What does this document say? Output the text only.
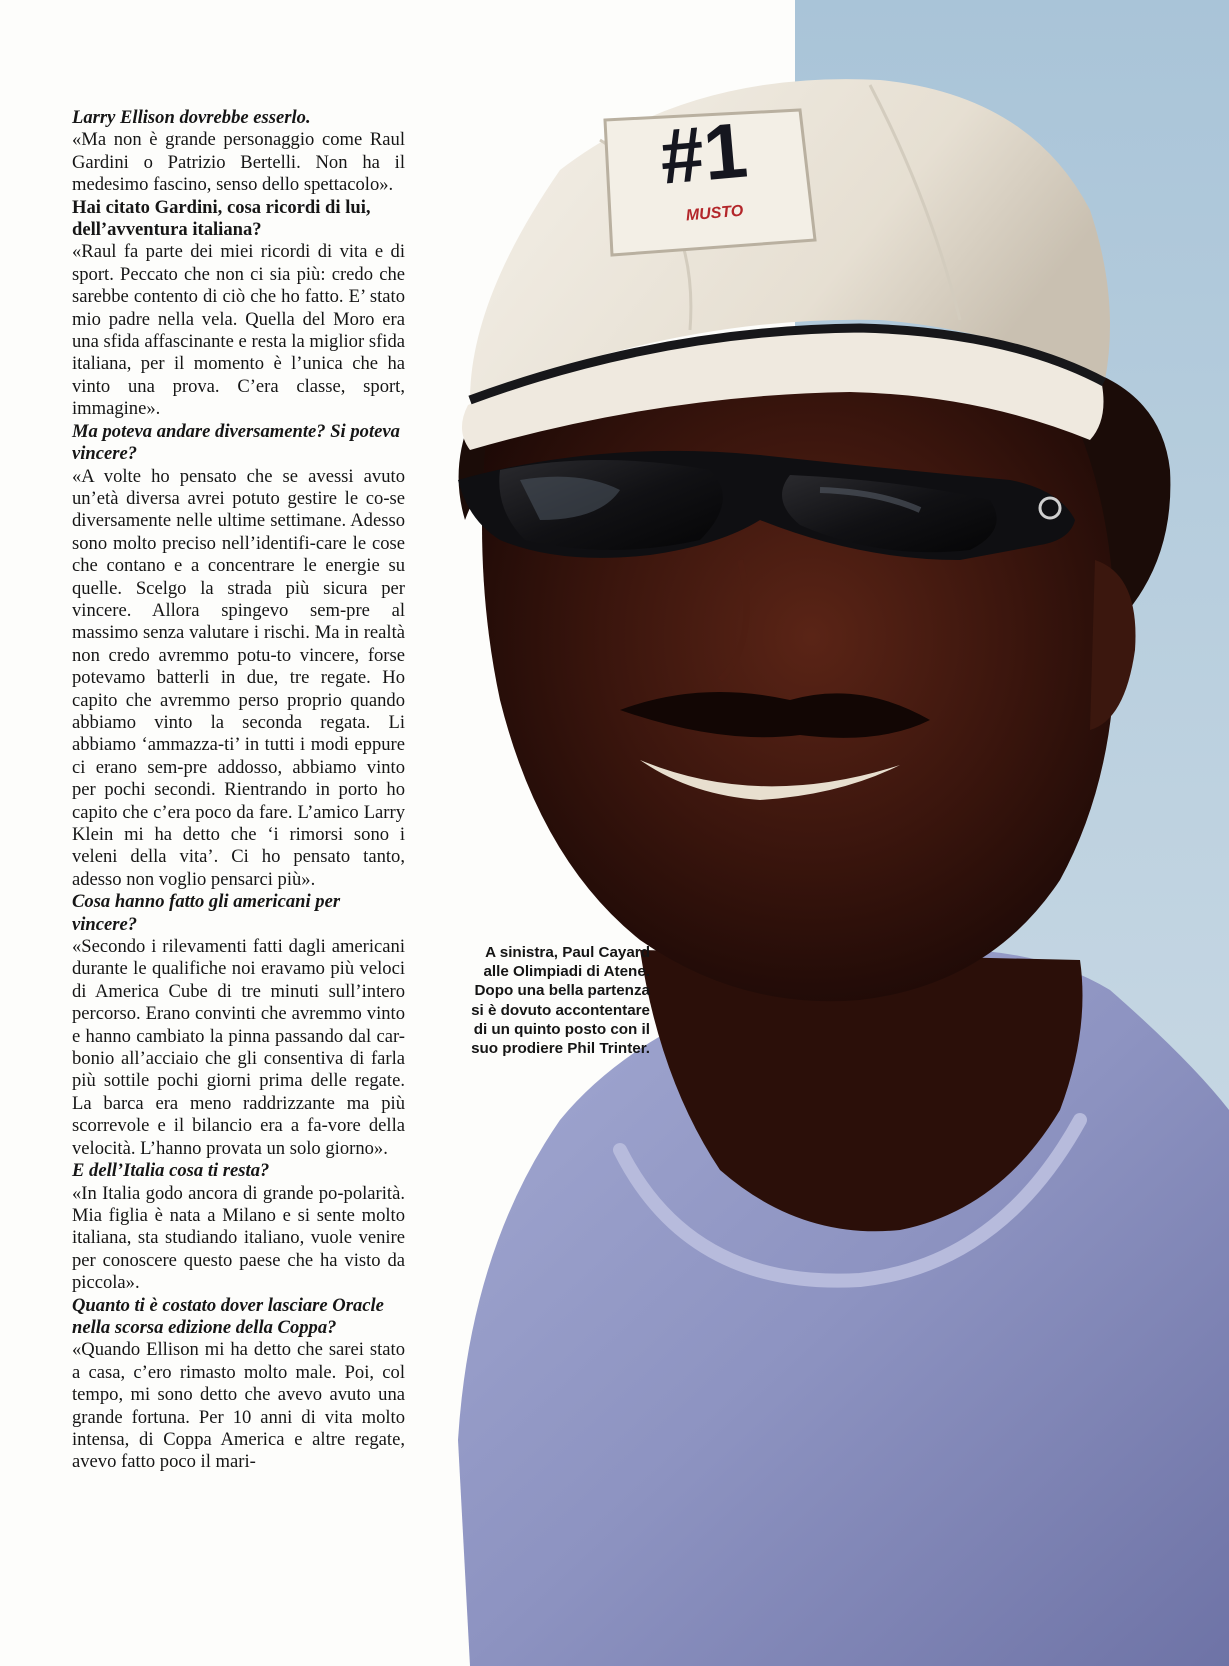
#1
MUSTO

Larry Ellison dovrebbe esserlo.

«Ma non è grande personaggio come Raul Gardini o Patrizio Bertelli. Non ha il medesimo fascino, senso dello spettacolo».

Hai citato Gardini, cosa ricordi di lui, dell’avventura italiana?

«Raul fa parte dei miei ricordi di vita e di sport. Peccato che non ci sia più: credo che sarebbe contento di ciò che ho fatto. E’ stato mio padre nella vela. Quella del Moro era una sfida affascinante e resta la miglior sfida italiana, per il momento è l’unica che ha vinto una prova. C’era classe, sport, immagine».

Ma poteva andare diversamente? Si poteva vincere?

«A volte ho pensato che se avessi avuto un’età diversa avrei potuto gestire le co-se diversamente nelle ultime settimane. Adesso sono molto preciso nell’identifi-care le cose che contano e a concentrare le energie su quelle. Scelgo la strada più sicura per vincere. Allora spingevo sem-pre al massimo senza valutare i rischi. Ma in realtà non credo avremmo potu-to vincere, forse potevamo batterli in due, tre regate. Ho capito che avremmo perso proprio quando abbiamo vinto la seconda regata. Li abbiamo ‘ammazza-ti’ in tutti i modi eppure ci erano sem-pre addosso, abbiamo vinto per pochi secondi. Rientrando in porto ho capito che c’era poco da fare. L’amico Larry Klein mi ha detto che ‘i rimorsi sono i veleni della vita’. Ci ho pensato tanto, adesso non voglio pensarci più».

Cosa hanno fatto gli americani per vincere?

«Secondo i rilevamenti fatti dagli americani durante le qualifiche noi eravamo più veloci di America Cube di tre minuti sull’intero percorso. Erano convinti che avremmo vinto e hanno cambiato la pinna passando dal car-bonio all’acciaio che gli consentiva di farla più sottile pochi giorni prima delle regate. La barca era meno raddrizzante ma più scorrevole e il bilancio era a fa-vore della velocità. L’hanno provata un solo giorno».

E dell’Italia cosa ti resta?

«In Italia godo ancora di grande po-polarità. Mia figlia è nata a Milano e si sente molto italiana, sta studiando italiano, vuole venire per conoscere questo paese che ha visto da piccola».

Quanto ti è costato dover lasciare Oracle nella scorsa edizione della Coppa?

«Quando Ellison mi ha detto che sarei stato a casa, c’ero rimasto molto male. Poi, col tempo, mi sono detto che avevo avuto una grande fortuna. Per 10 anni di vita molto intensa, di Coppa America e altre regate, avevo fatto poco il mari-

A sinistra, Paul Cayard
alle Olimpiadi di Atene.
Dopo una bella partenza
si è dovuto accontentare
di un quinto posto con il
suo prodiere Phil Trinter.
